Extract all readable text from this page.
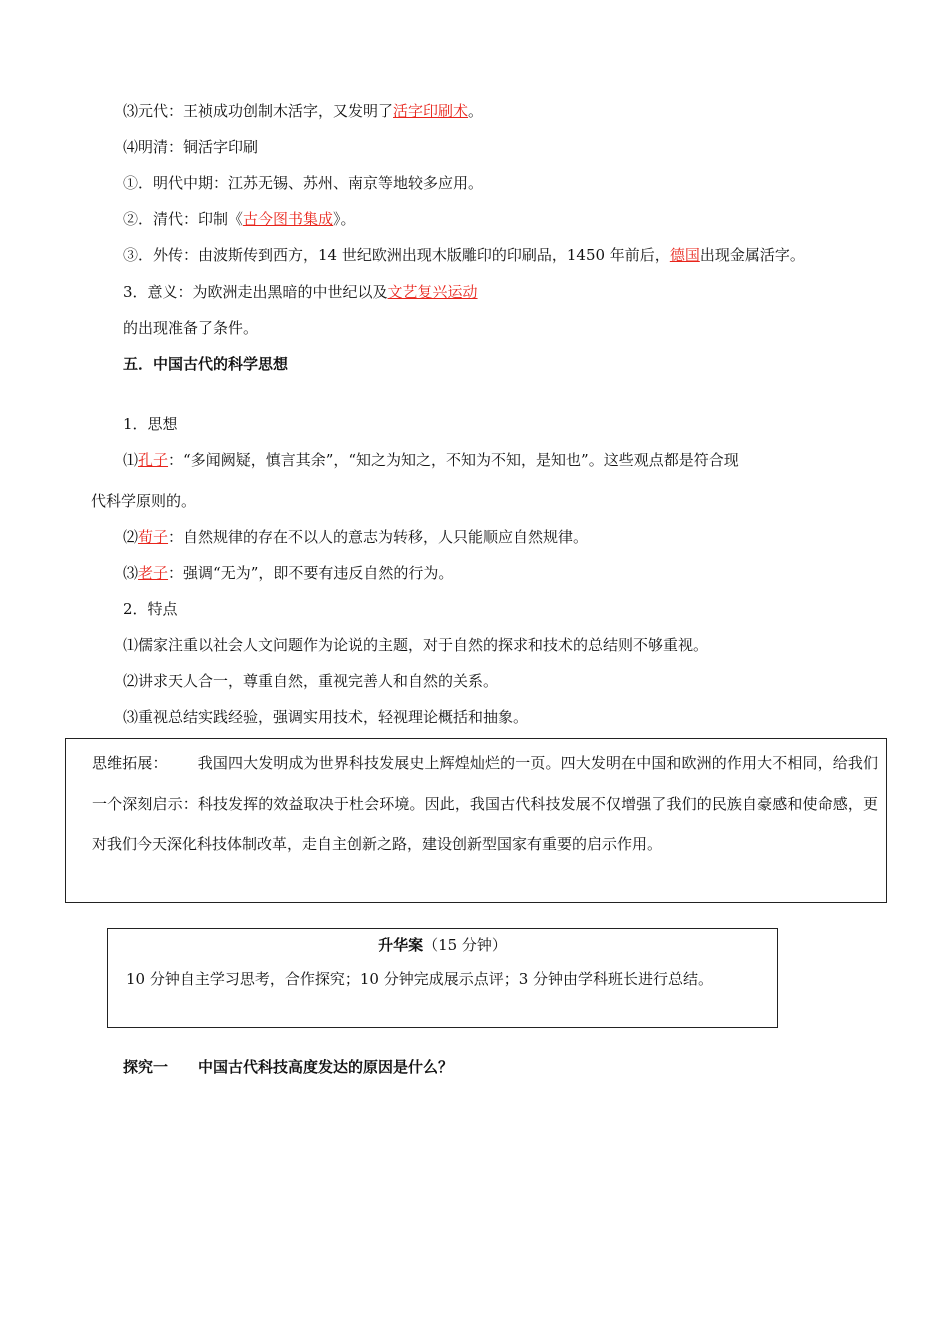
⑶元代：王祯成功创制木活字，又发明了活字印刷术。
⑷明清：铜活字印刷
①．明代中期：江苏无锡、苏州、南京等地较多应用。
②．清代：印制《古今图书集成》。
③．外传：由波斯传到西方，14 世纪欧洲出现木版雕印的印刷品，1450 年前后，德国出现金属活字。
3．意义：为欧洲走出黑暗的中世纪以及文艺复兴运动
的出现准备了条件。
五．中国古代的科学思想
1．思想
⑴孔子：“多闻阙疑，慎言其余”，“知之为知之，不知为不知，是知也”。这些观点都是符合现
代科学原则的。
⑵荀子：自然规律的存在不以人的意志为转移，人只能顺应自然规律。
⑶老子：强调“无为”，即不要有违反自然的行为。
2．特点
⑴儒家注重以社会人文问题作为论说的主题，对于自然的探求和技术的总结则不够重视。
⑵讲求天人合一，尊重自然，重视完善人和自然的关系。
⑶重视总结实践经验，强调实用技术，轻视理论概括和抽象。
思维拓展： 我国四大发明成为世界科技发展史上辉煌灿烂的一页。四大发明在中国和欧洲的作用大不相同，给我们一个深刻启示：科技发挥的效益取决于杜会环境。因此，我国古代科技发展不仅增强了我们的民族自豪感和使命感，更对我们今天深化科技体制改革，走自主创新之路，建设创新型国家有重要的启示作用。
升华案（15 分钟）
10 分钟自主学习思考，合作探究；10 分钟完成展示点评；3 分钟由学科班长进行总结。
探究一 中国古代科技高度发达的原因是什么？
